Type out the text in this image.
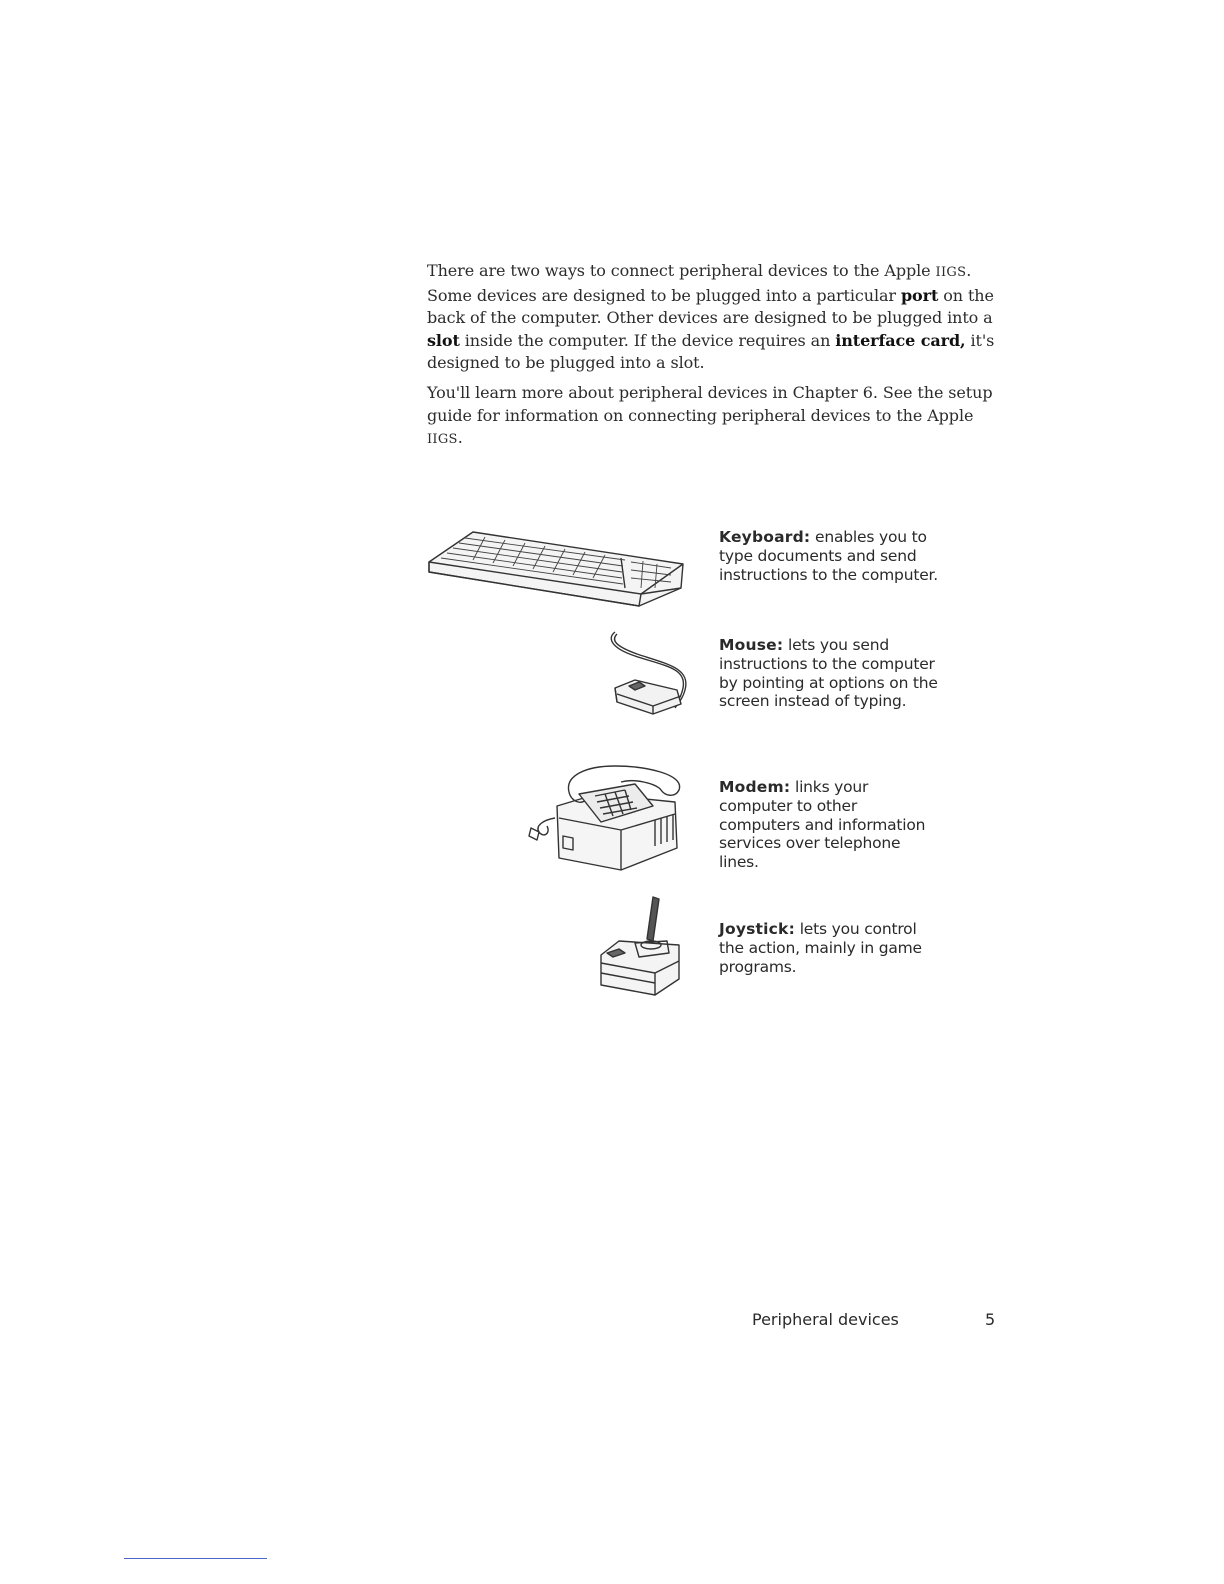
There are two ways to connect peripheral devices to the Apple IIGS. Some devices are designed to be plugged into a particular port on the back of the computer. Other devices are designed to be plugged into a slot inside the computer. If the device requires an interface card, it's designed to be plugged into a slot.

You'll learn more about peripheral devices in Chapter 6. See the setup guide for information on connecting peripheral devices to the Apple IIGS.

Keyboard: enables you to type documents and send instructions to the computer.

Mouse: lets you send instructions to the computer by pointing at options on the screen instead of typing.

Modem: links your computer to other computers and information services over telephone lines.

Joystick: lets you control the action, mainly in game programs.

Peripheral devices	5
